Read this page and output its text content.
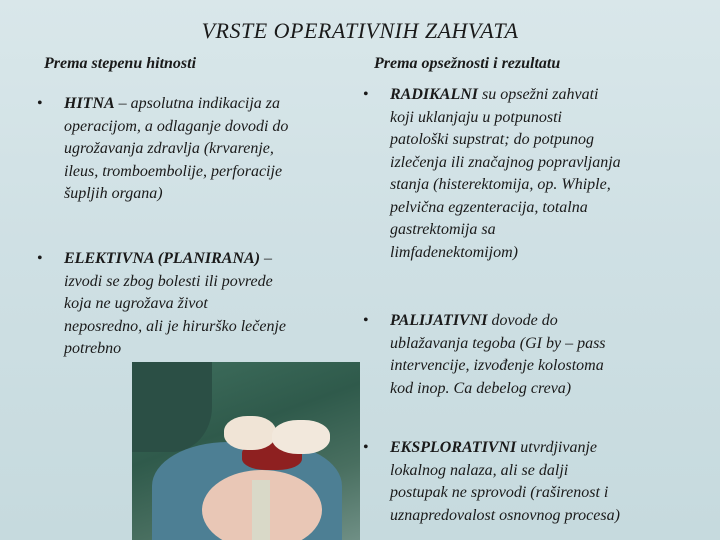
VRSTE OPERATIVNIH ZAHVATA
Prema stepenu hitnosti	Prema opsežnosti i rezultatu
• HITNA – apsolutna indikacija za
operacijom, a odlaganje dovodi do
ugrožavanja zdravlja (krvarenje,
ileus, tromboembolije, perforacije
šupljih organa)
• ELEKTIVNA (PLANIRANA) –
izvodi se zbog bolesti ili povrede
koja ne ugrožava život
neposredno, ali je hirurško lečenje
potrebno
• RADIKALNI su opsežni zahvati
koji uklanjaju u potpunosti
patološki supstrat; do potpunog
izlečenja ili značajnog popravljanja
stanja (histerektomija, op. Whiple,
pelvična egzenteracija, totalna
gastrektomija sa
limfadenektomijom)
• PALIJATIVNI dovode do
ublažavanja tegoba (GI by – pass
intervencije, izvođenje kolostoma
kod inop. Ca debelog creva)
• EKSPLORATIVNI utvrdjivanje
lokalnog nalaza, ali se dalji
postupak ne sprovodi (raširenost i
uznapredovalost osnovnog procesa)
